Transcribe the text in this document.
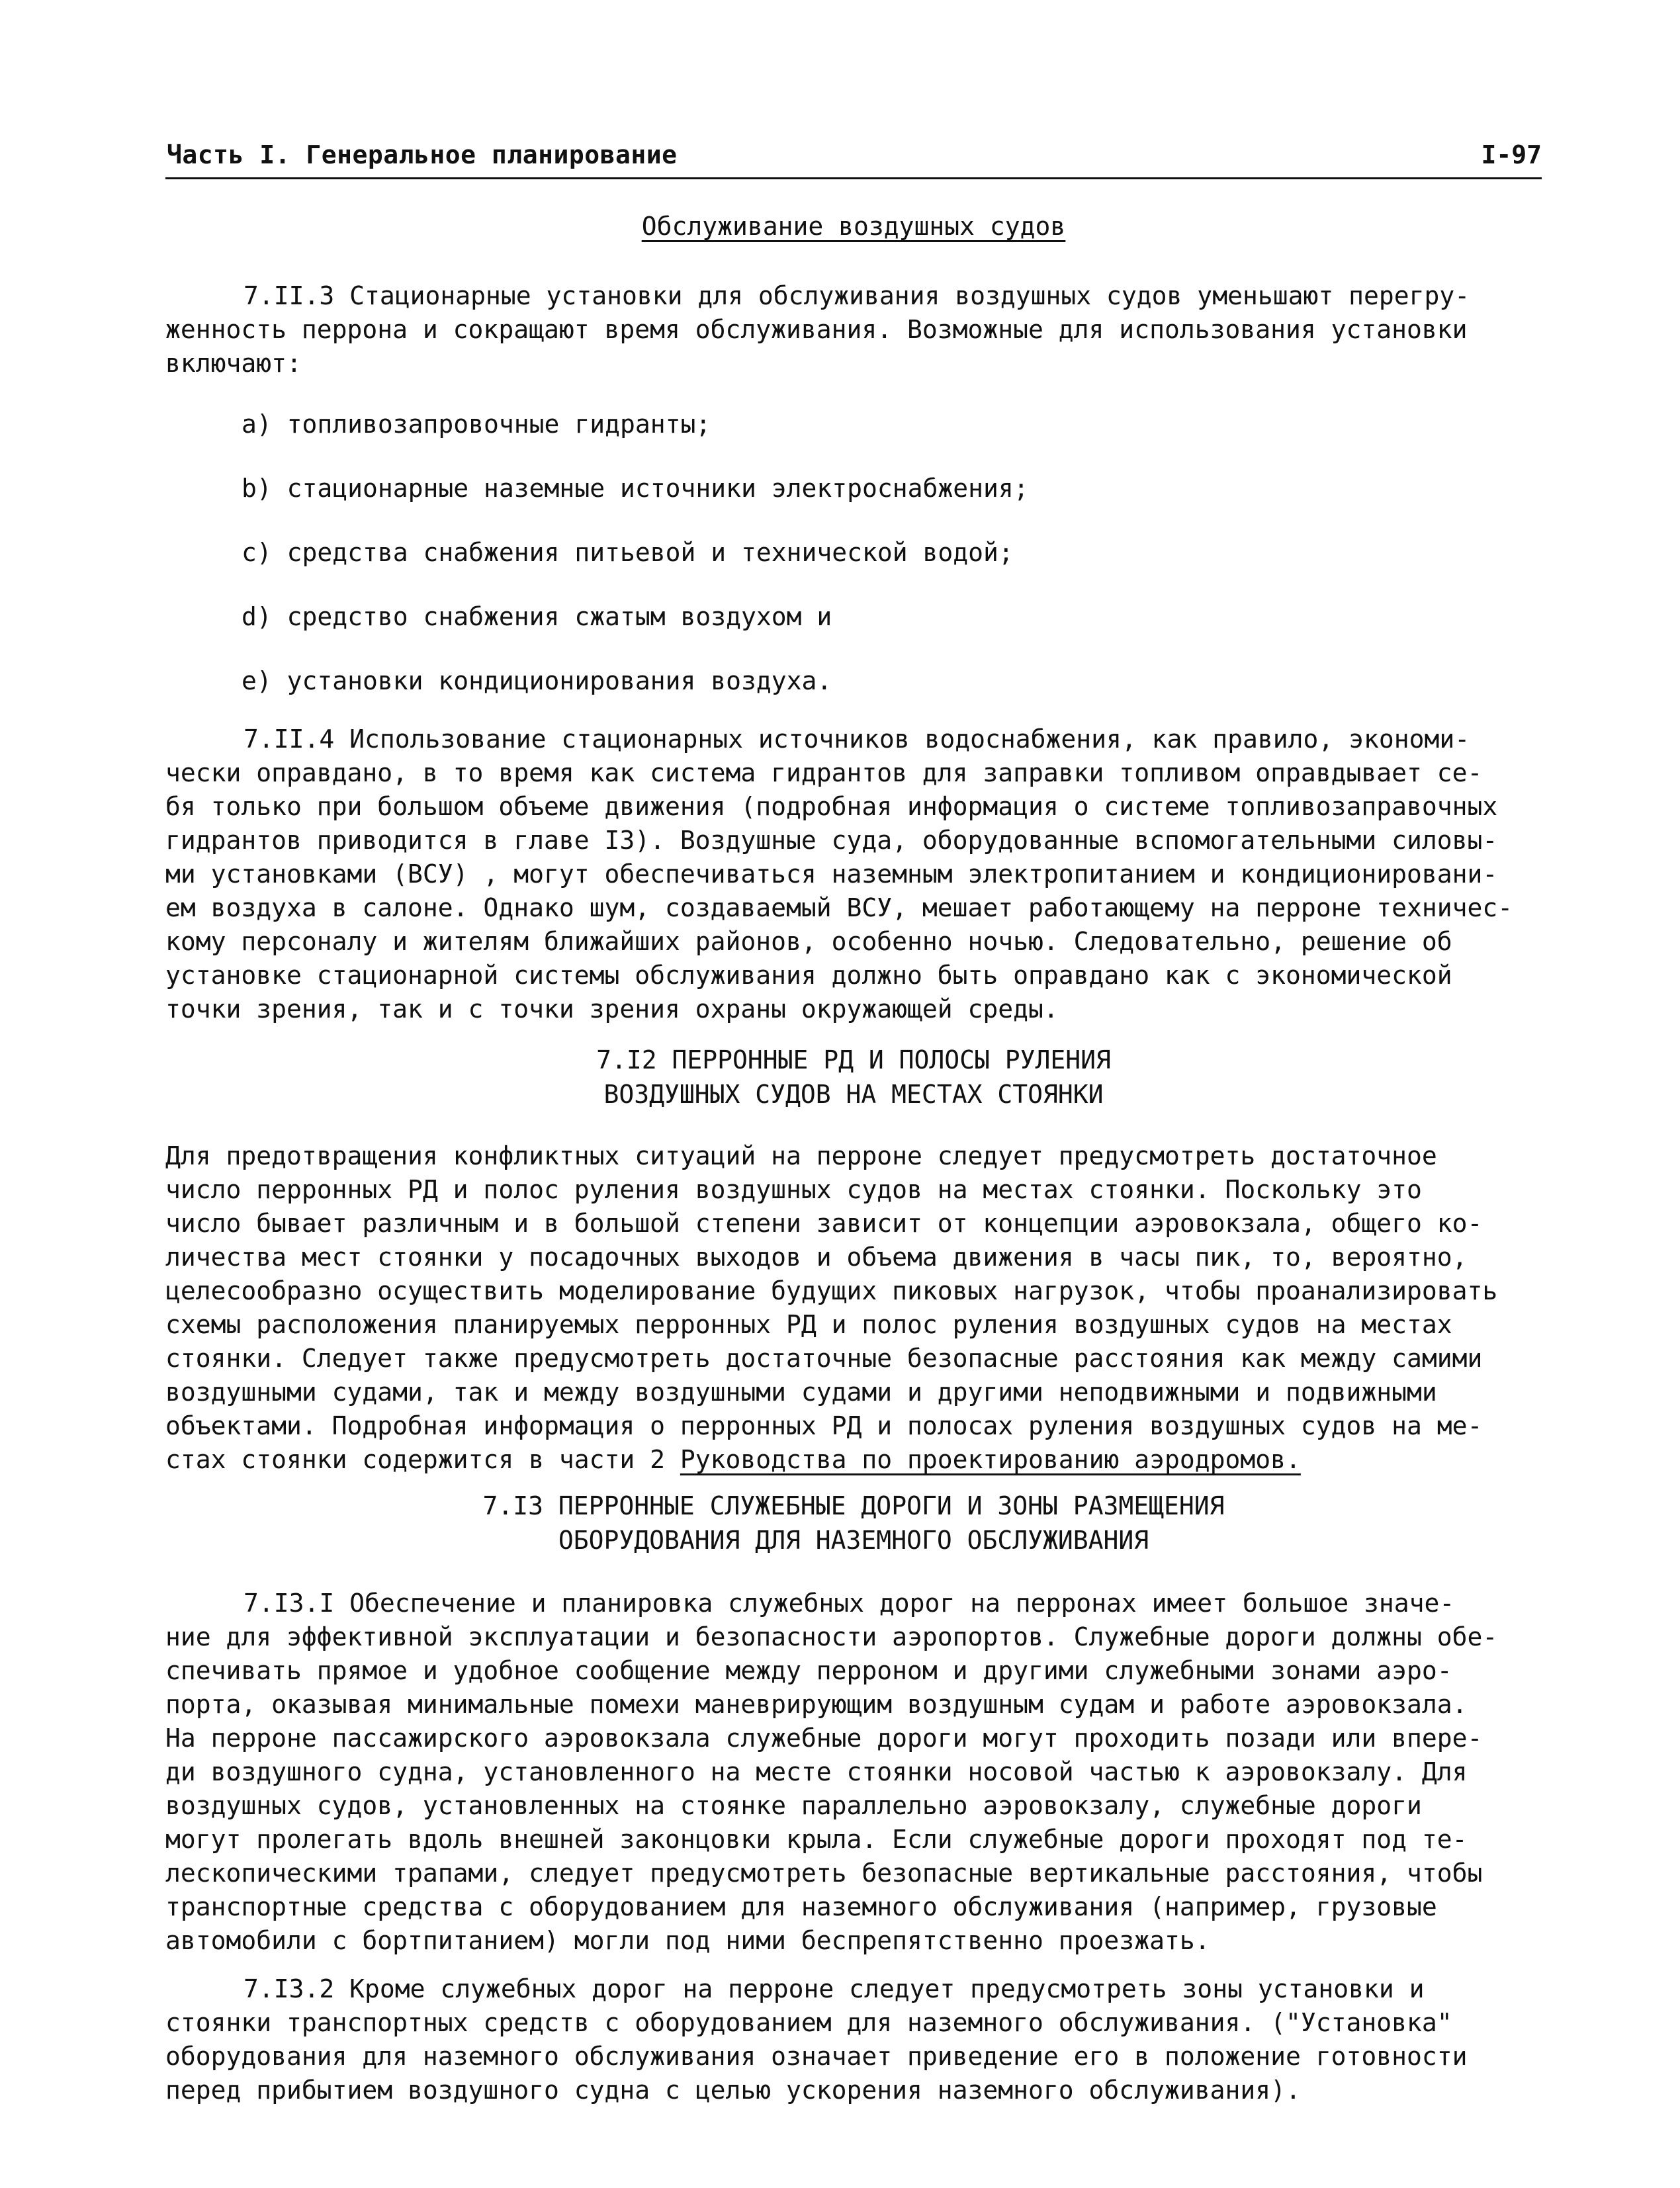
Часть I. Генеральное планирование	I-97
Обслуживание воздушных судов
7.II.3 Стационарные установки для обслуживания воздушных судов уменьшают перегру-
женность перрона и сокращают время обслуживания. Возможные для использования установки
включают:
а) топливозапровочные гидранты;
b) стационарные наземные источники электроснабжения;
с) средства снабжения питьевой и технической водой;
d) средство снабжения сжатым воздухом и
е) установки кондиционирования воздуха.
7.II.4 Использование стационарных источников водоснабжения, как правило, экономи-
чески оправдано, в то время как система гидрантов для заправки топливом оправдывает се-
бя только при большом объеме движения (подробная информация о системе топливозаправочных
гидрантов приводится в главе I3). Воздушные суда, оборудованные вспомогательными силовы-
ми установками (ВСУ) , могут обеспечиваться наземным электропитанием и кондиционировани-
ем воздуха в салоне. Однако шум, создаваемый ВСУ, мешает работающему на перроне техничес-
кому персоналу и жителям ближайших районов, особенно ночью. Следовательно, решение об
установке стационарной системы обслуживания должно быть оправдано как с экономической
точки зрения, так и с точки зрения охраны окружающей среды.
7.I2 ПЕРРОННЫЕ РД И ПОЛОСЫ РУЛЕНИЯ
ВОЗДУШНЫХ СУДОВ НА МЕСТАХ СТОЯНКИ
Для предотвращения конфликтных ситуаций на перроне следует предусмотреть достаточное
число перронных РД и полос руления воздушных судов на местах стоянки. Поскольку это
число бывает различным и в большой степени зависит от концепции аэровокзала, общего ко-
личества мест стоянки у посадочных выходов и объема движения в часы пик, то, вероятно,
целесообразно осуществить моделирование будущих пиковых нагрузок, чтобы проанализировать
схемы расположения планируемых перронных РД и полос руления воздушных судов на местах
стоянки. Следует также предусмотреть достаточные безопасные расстояния как между самими
воздушными судами, так и между воздушными судами и другими неподвижными и подвижными
объектами. Подробная информация о перронных РД и полосах руления воздушных судов на ме-
стах стоянки содержится в части 2 Руководства по проектированию аэродромов.
7.I3 ПЕРРОННЫЕ СЛУЖЕБНЫЕ ДОРОГИ И ЗОНЫ РАЗМЕЩЕНИЯ
ОБОРУДОВАНИЯ ДЛЯ НАЗЕМНОГО ОБСЛУЖИВАНИЯ
7.I3.I Обеспечение и планировка служебных дорог на перронах имеет большое значе-
ние для эффективной эксплуатации и безопасности аэропортов. Служебные дороги должны обе-
спечивать прямое и удобное сообщение между перроном и другими служебными зонами аэро-
порта, оказывая минимальные помехи маневрирующим воздушным судам и работе аэровокзала.
На перроне пассажирского аэровокзала служебные дороги могут проходить позади или впере-
ди воздушного судна, установленного на месте стоянки носовой частью к аэровокзалу. Для
воздушных судов, установленных на стоянке параллельно аэровокзалу, служебные дороги
могут пролегать вдоль внешней законцовки крыла. Если служебные дороги проходят под те-
лескопическими трапами, следует предусмотреть безопасные вертикальные расстояния, чтобы
транспортные средства с оборудованием для наземного обслуживания (например, грузовые
автомобили с бортпитанием) могли под ними беспрепятственно проезжать.
7.I3.2 Кроме служебных дорог на перроне следует предусмотреть зоны установки и
стоянки транспортных средств с оборудованием для наземного обслуживания. ("Установка"
оборудования для наземного обслуживания означает приведение его в положение готовности
перед прибытием воздушного судна с целью ускорения наземного обслуживания).
